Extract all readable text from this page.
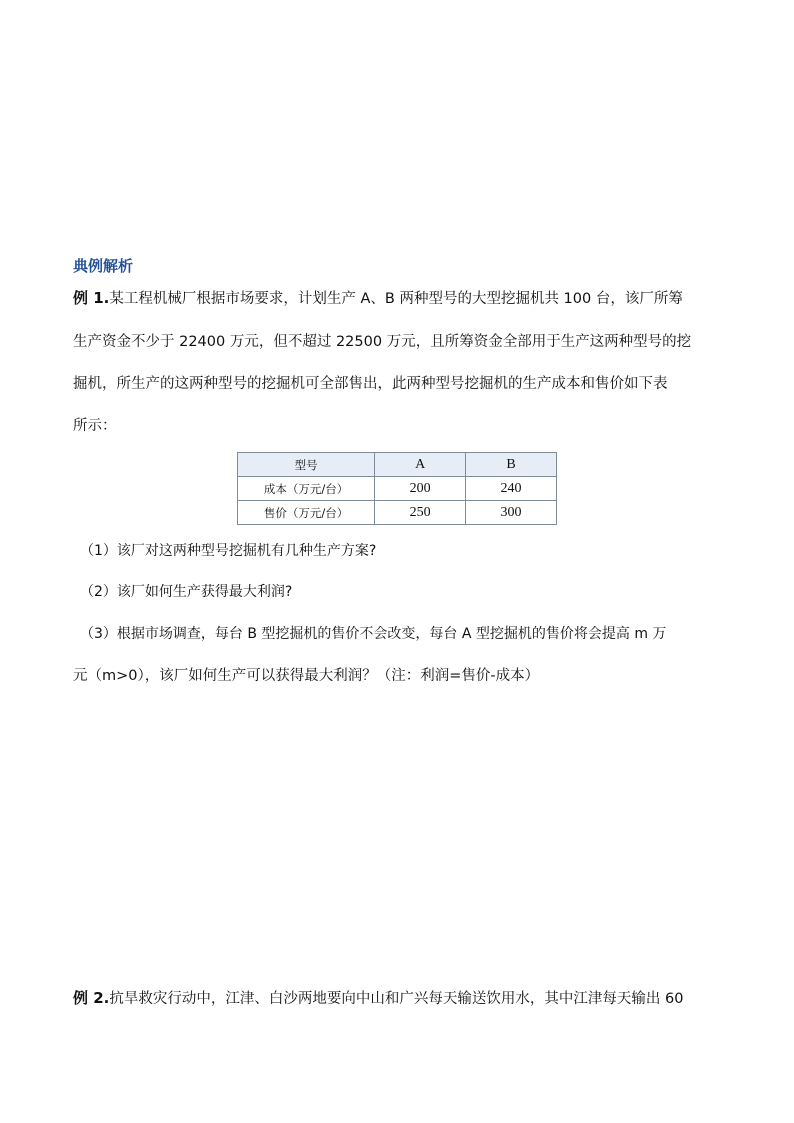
典例解析
例 1.某工程机械厂根据市场要求，计划生产 A、B 两种型号的大型挖掘机共 100 台，该厂所筹
生产资金不少于 22400 万元，但不超过 22500 万元，且所筹资金全部用于生产这两种型号的挖
掘机，所生产的这两种型号的挖掘机可全部售出，此两种型号挖掘机的生产成本和售价如下表
所示：
型号	A	B
成本（万元/台）	200	240
售价（万元/台）	250	300
（1）该厂对这两种型号挖掘机有几种生产方案?
（2）该厂如何生产获得最大利润?
（3）根据市场调查，每台 B 型挖掘机的售价不会改变，每台 A 型挖掘机的售价将会提高 m 万
元（m>0），该厂如何生产可以获得最大利润？（注：利润=售价-成本）
例 2.抗旱救灾行动中，江津、白沙两地要向中山和广兴每天输送饮用水，其中江津每天输出 60
